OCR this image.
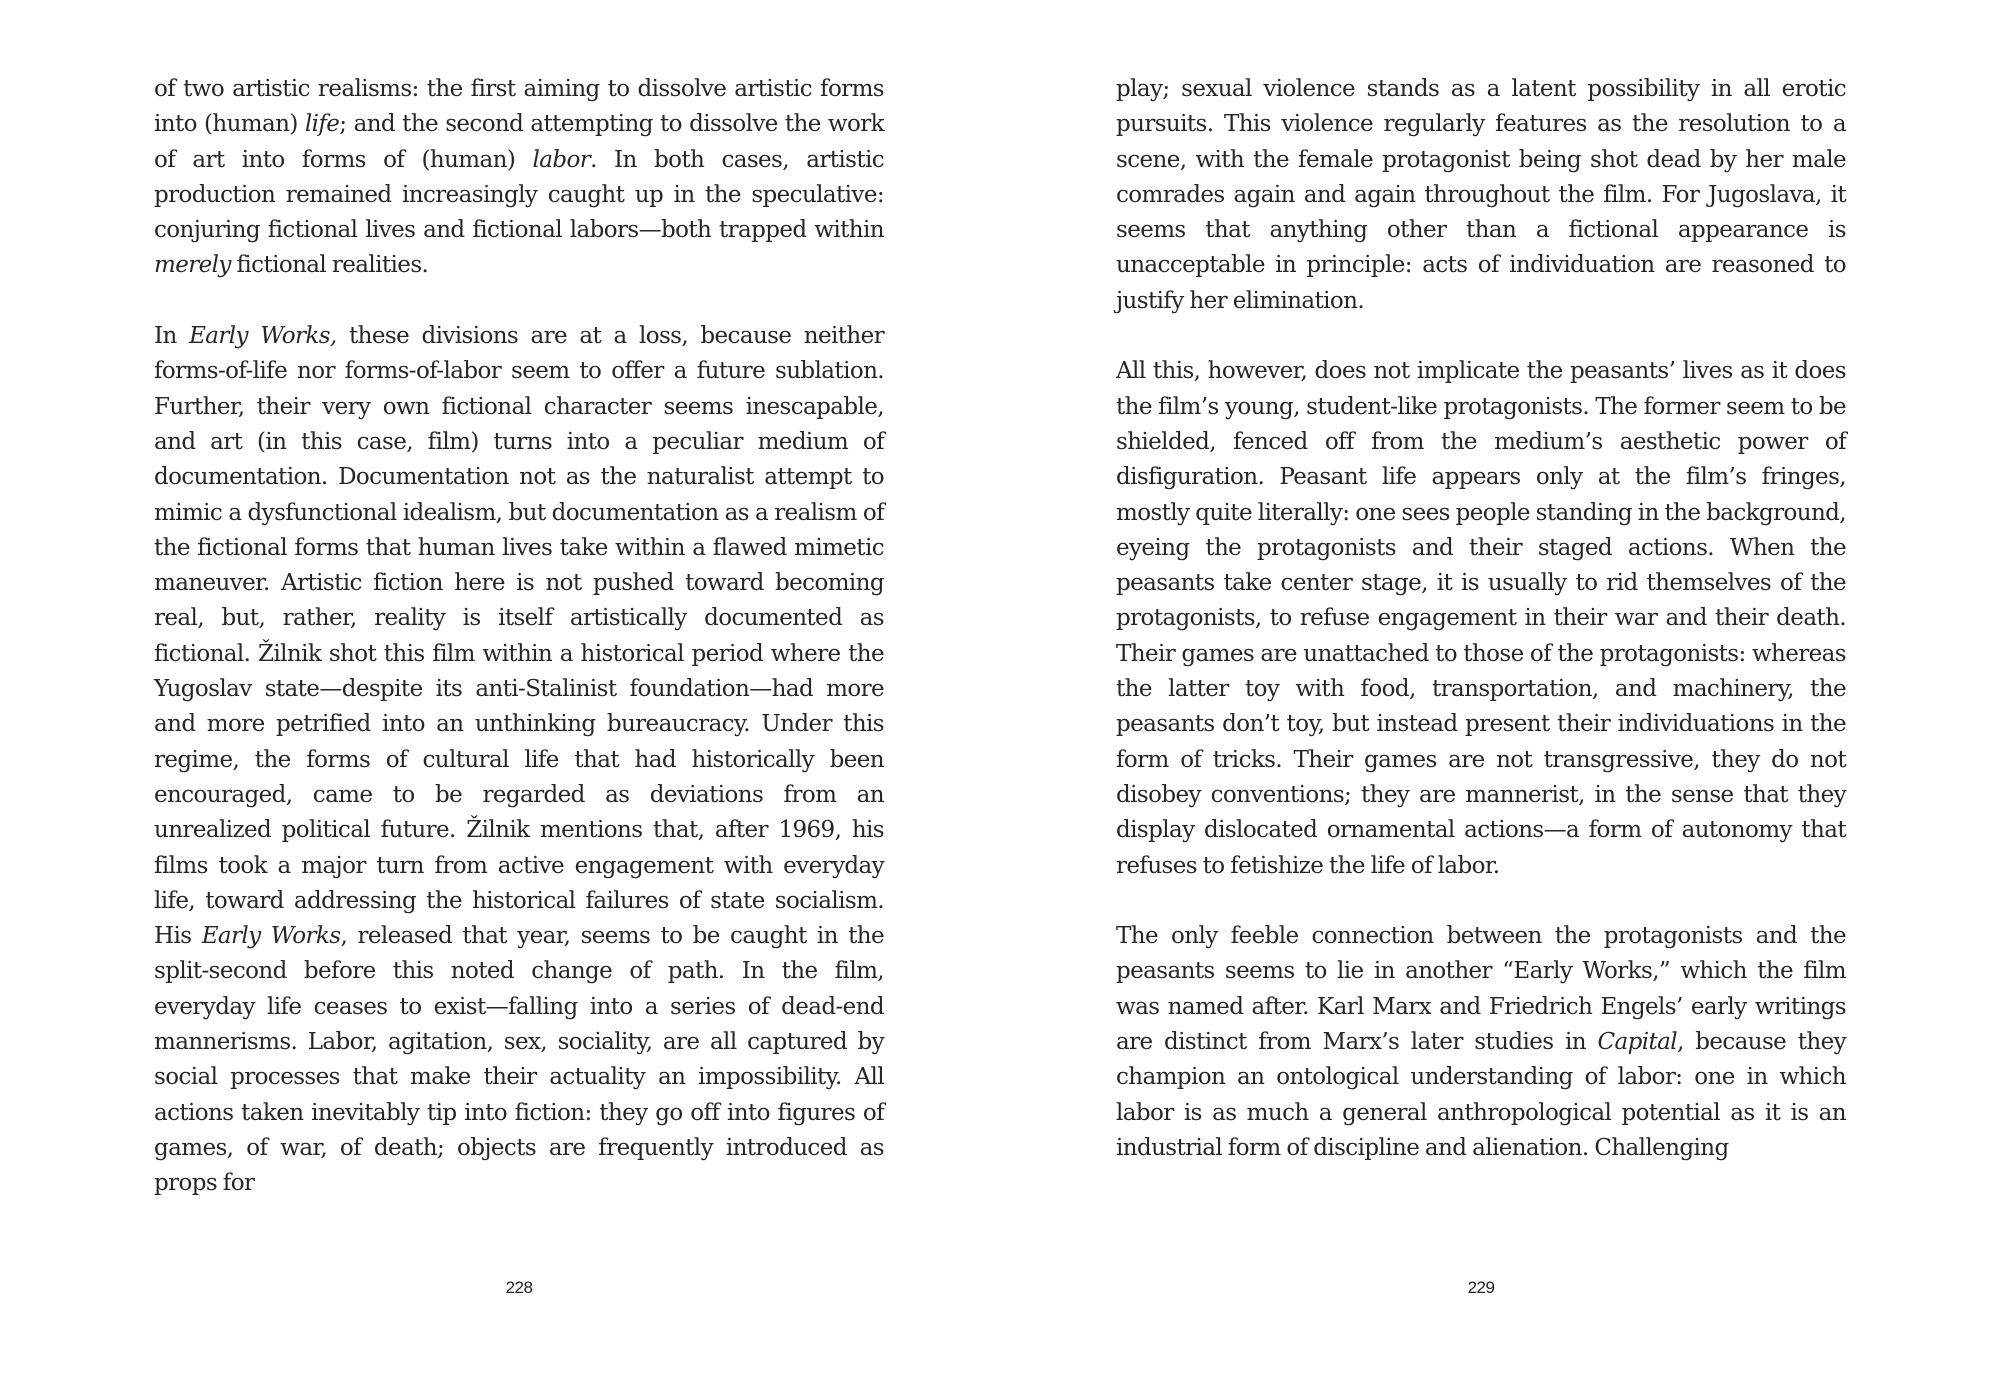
of two artistic realisms: the first aiming to dissolve artistic forms into (human) life; and the second attempting to dissolve the work of art into forms of (human) labor. In both cases, artistic production remained increasingly caught up in the speculative: conjuring fictional lives and fictional labors—both trapped within merely fictional realities.

In Early Works, these divisions are at a loss, because neither forms-of-life nor forms-of-labor seem to offer a future sublation. Further, their very own fictional character seems inescapable, and art (in this case, film) turns into a peculiar medium of documentation. Documentation not as the naturalist attempt to mimic a dysfunctional idealism, but documentation as a realism of the fictional forms that human lives take within a flawed mimetic maneuver. Artistic fiction here is not pushed toward becoming real, but, rather, reality is itself artistically documented as fictional. Žilnik shot this film within a historical period where the Yugoslav state—despite its anti-Stalinist foundation—had more and more petrified into an unthinking bureaucracy. Under this regime, the forms of cultural life that had historically been encouraged, came to be regarded as deviations from an unrealized political future. Žilnik mentions that, after 1969, his films took a major turn from active engagement with everyday life, toward addressing the historical failures of state socialism. His Early Works, released that year, seems to be caught in the split-second before this noted change of path. In the film, everyday life ceases to exist—falling into a series of dead-end mannerisms. Labor, agitation, sex, sociality, are all captured by social processes that make their actuality an impossibility. All actions taken inevitably tip into fiction: they go off into figures of games, of war, of death; objects are frequently introduced as props for

228

play; sexual violence stands as a latent possibility in all erotic pursuits. This violence regularly features as the resolution to a scene, with the female protagonist being shot dead by her male comrades again and again throughout the film. For Jugoslava, it seems that anything other than a fictional appearance is unacceptable in principle: acts of individuation are reasoned to justify her elimination.

All this, however, does not implicate the peasants’ lives as it does the film’s young, student-like protagonists. The former seem to be shielded, fenced off from the medium’s aesthetic power of disfiguration. Peasant life appears only at the film’s fringes, mostly quite literally: one sees people standing in the background, eyeing the protagonists and their staged actions. When the peasants take center stage, it is usually to rid themselves of the protagonists, to refuse engagement in their war and their death. Their games are unattached to those of the protagonists: whereas the latter toy with food, transportation, and machinery, the peasants don’t toy, but instead present their individuations in the form of tricks. Their games are not transgressive, they do not disobey conventions; they are mannerist, in the sense that they display dislocated ornamental actions—a form of autonomy that refuses to fetishize the life of labor.

The only feeble connection between the protagonists and the peasants seems to lie in another “Early Works,” which the film was named after. Karl Marx and Friedrich Engels’ early writings are distinct from Marx’s later studies in Capital, because they champion an ontological understanding of labor: one in which labor is as much a general anthropological potential as it is an industrial form of discipline and alienation. Challenging

229
